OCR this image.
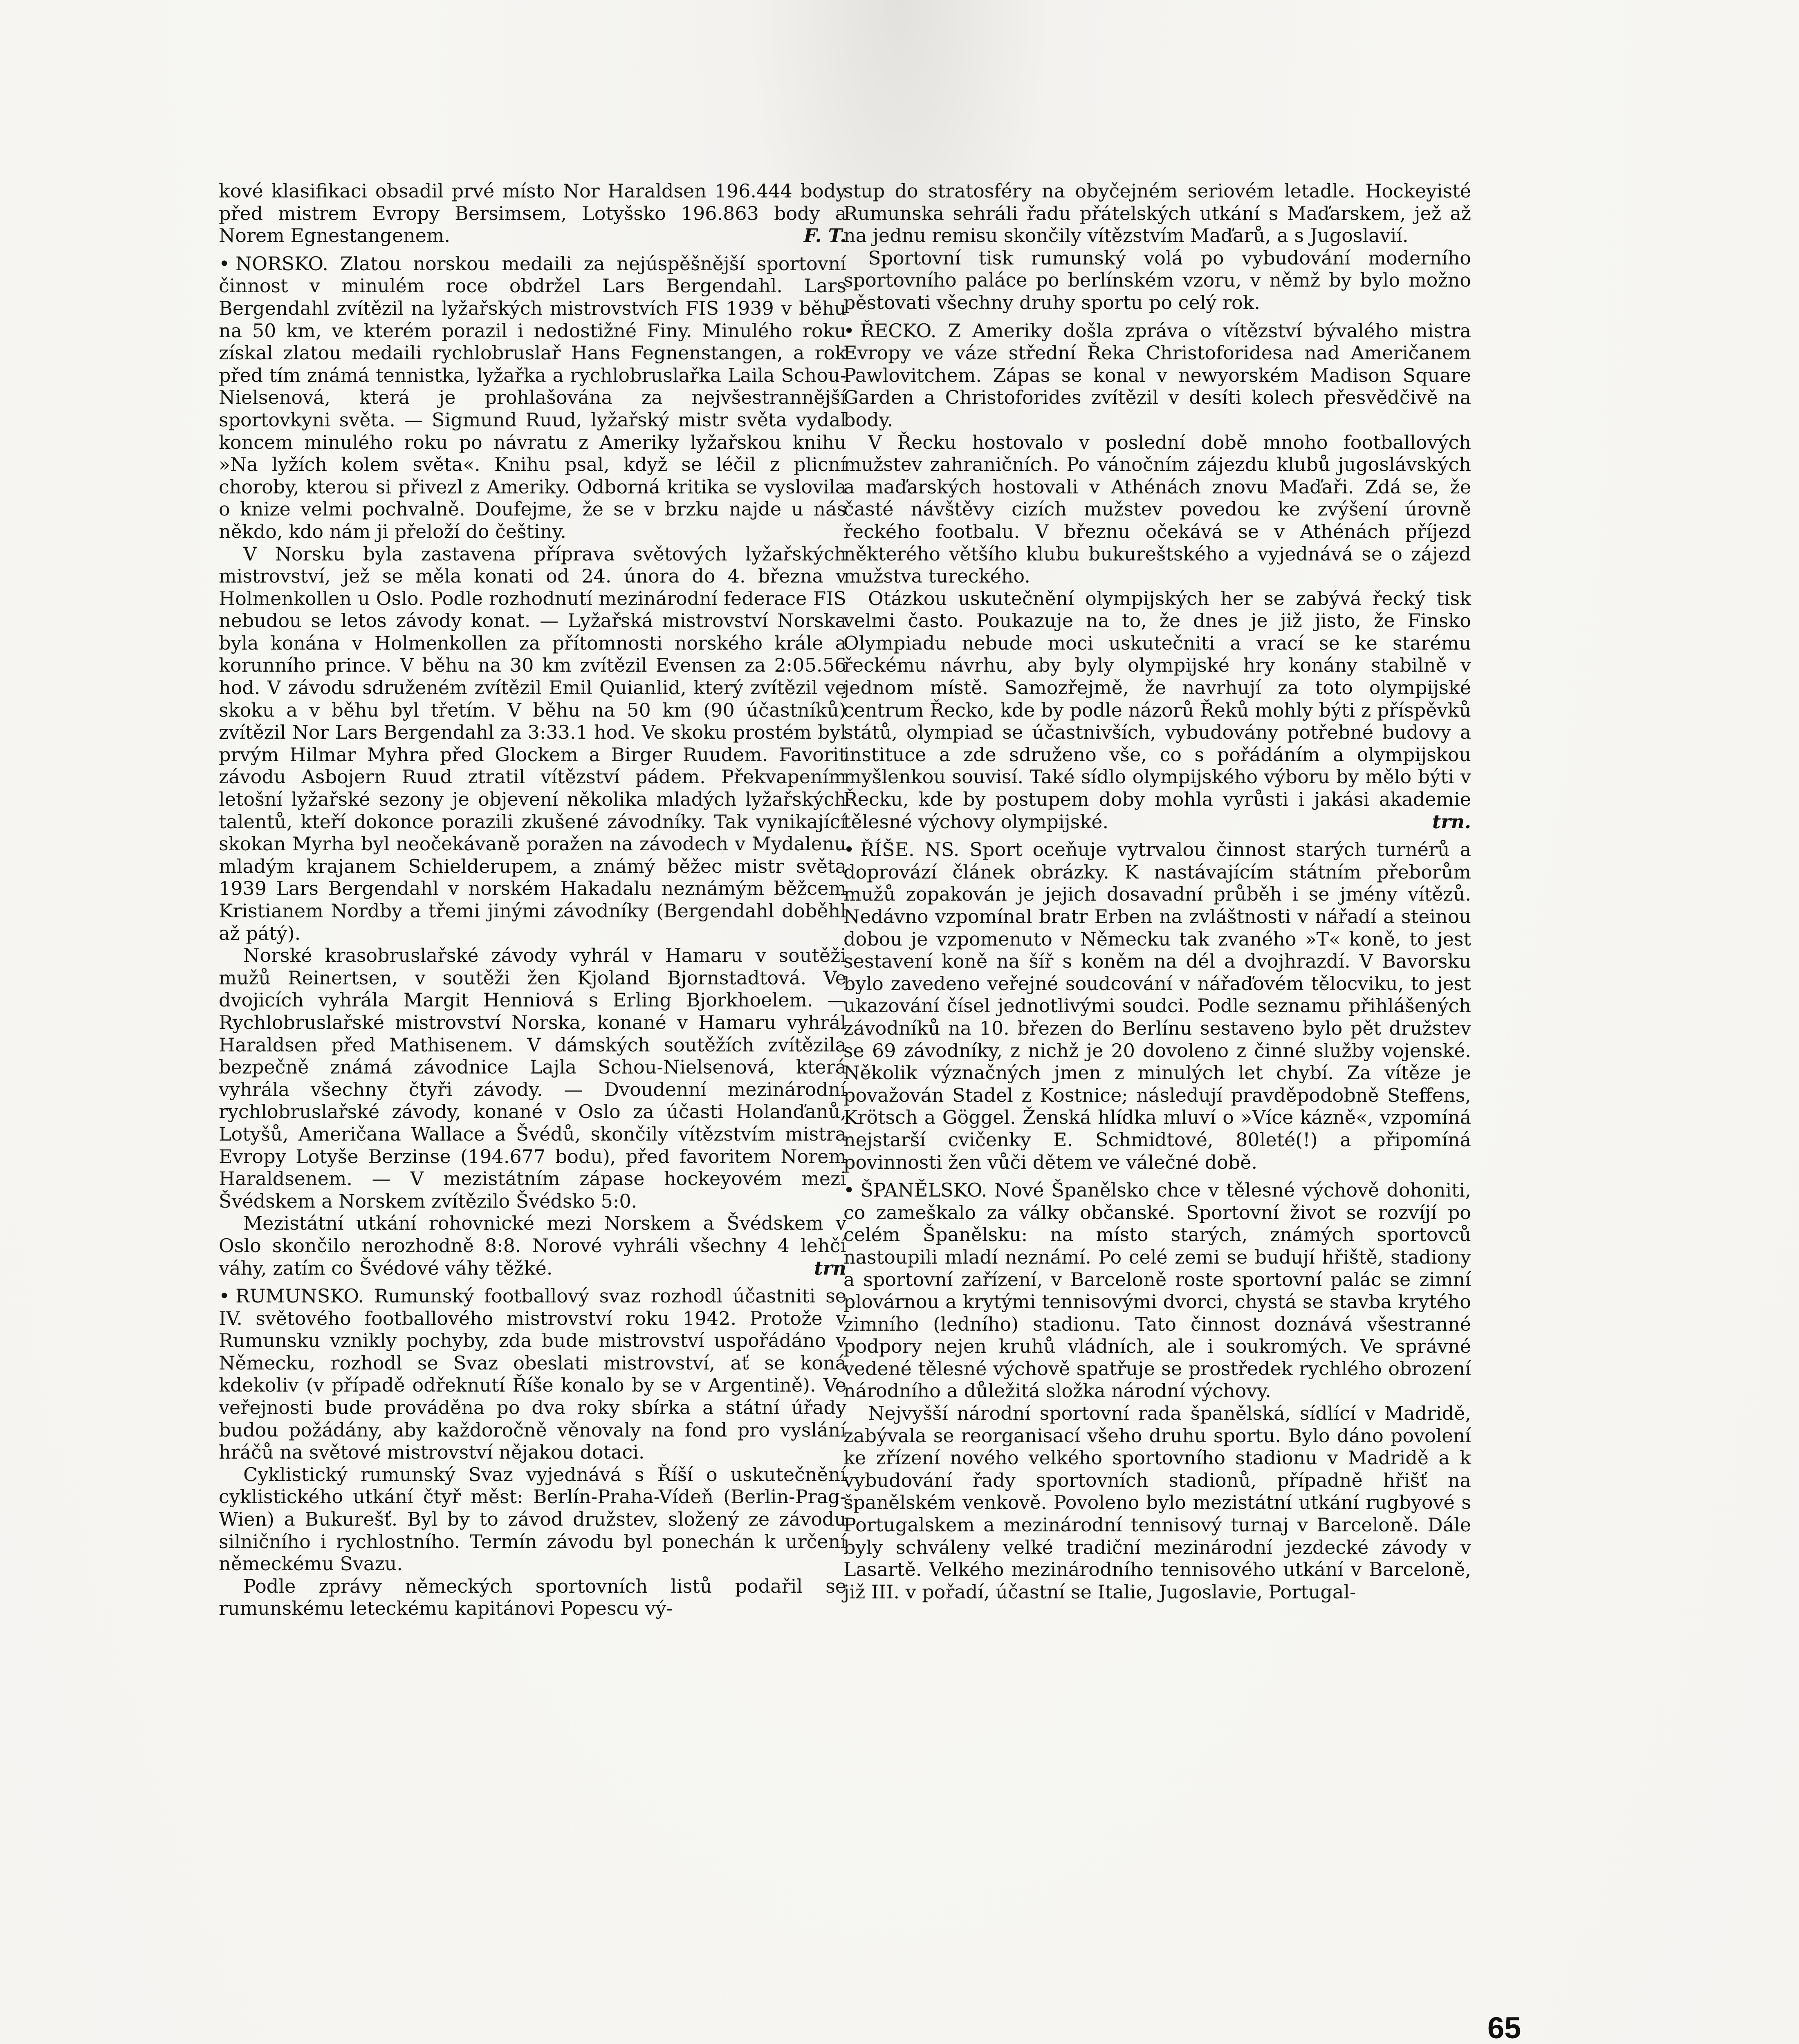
kové klasifikaci obsadil prvé místo Nor Haraldsen 196.444 body před mistrem Evropy Bersimsem, Lotyšsko 196.863 body a Norem Egnestangenem.	F. T.

• NORSKO. Zlatou norskou medaili za nejúspěšnější sportovní činnost v minulém roce obdržel Lars Bergendahl. Lars Bergendahl zvítězil na lyžařských mistrovstvích FIS 1939 v běhu na 50 km, ve kterém porazil i nedostižné Finy. Minulého roku získal zlatou medaili rychlobruslař Hans Fegnenstangen, a rok před tím známá tennistka, lyžařka a rychlobruslařka Laila Schou-Nielsenová, která je prohlašována za nejvšestrannější sportovkyni světa. — Sigmund Ruud, lyžařský mistr světa vydal koncem minulého roku po návratu z Ameriky lyžařskou knihu »Na lyžích kolem světa«. Knihu psal, když se léčil z plicní choroby, kterou si přivezl z Ameriky. Odborná kritika se vyslovila o knize velmi pochvalně. Doufejme, že se v brzku najde u nás někdo, kdo nám ji přeloží do češtiny.

V Norsku byla zastavena příprava světových lyžařských mistrovství, jež se měla konati od 24. února do 4. března v Holmenkollen u Oslo. Podle rozhodnutí mezinárodní federace FIS nebudou se letos závody konat. — Lyžařská mistrovství Norska byla konána v Holmenkollen za přítomnosti norského krále a korunního prince. V běhu na 30 km zvítězil Evensen za 2:05.56 hod. V závodu sdruženém zvítězil Emil Quianlid, který zvítězil ve skoku a v běhu byl třetím. V běhu na 50 km (90 účastníků) zvítězil Nor Lars Bergendahl za 3:33.1 hod. Ve skoku prostém byl prvým Hilmar Myhra před Glockem a Birger Ruudem. Favorit závodu Asbojern Ruud ztratil vítězství pádem. Překvapením letošní lyžařské sezony je objevení několika mladých lyžařských talentů, kteří dokonce porazili zkušené závodníky. Tak vynikající skokan Myrha byl neočekávaně poražen na závodech v Mydalenu mladým krajanem Schielderupem, a známý běžec mistr světa 1939 Lars Bergendahl v norském Hakadalu neznámým běžcem Kristianem Nordby a třemi jinými závodníky (Bergendahl doběhl až pátý).

Norské krasobruslařské závody vyhrál v Hamaru v soutěži mužů Reinertsen, v soutěži žen Kjoland Bjornstadtová. Ve dvojicích vyhrála Margit Henniová s Erling Bjorkhoelem. — Rychlobruslařské mistrovství Norska, konané v Hamaru vyhrál Haraldsen před Mathisenem. V dámských soutěžích zvítězila bezpečně známá závodnice Lajla Schou-Nielsenová, která vyhrála všechny čtyři závody. — Dvoudenní mezinárodní rychlobruslařské závody, konané v Oslo za účasti Holanďanů, Lotyšů, Američana Wallace a Švédů, skončily vítězstvím mistra Evropy Lotyše Berzinse (194.677 bodu), před favoritem Norem Haraldsenem. — V mezistátním zápase hockeyovém mezi Švédskem a Norskem zvítězilo Švédsko 5:0.

Mezistátní utkání rohovnické mezi Norskem a Švédskem v Oslo skončilo nerozhodně 8:8. Norové vyhráli všechny 4 lehčí váhy, zatím co Švédové váhy těžké.	trn

• RUMUNSKO. Rumunský footballový svaz rozhodl účastniti se IV. světového footballového mistrovství roku 1942. Protože v Rumunsku vznikly pochyby, zda bude mistrovství uspořádáno v Německu, rozhodl se Svaz obeslati mistrovství, ať se koná kdekoliv (v případě odřeknutí Říše konalo by se v Argentině). Ve veřejnosti bude prováděna po dva roky sbírka a státní úřady budou požádány, aby každoročně věnovaly na fond pro vyslání hráčů na světové mistrovství nějakou dotaci.

Cyklistický rumunský Svaz vyjednává s Říší o uskutečnění cyklistického utkání čtyř měst: Berlín-Praha-Vídeň (Berlin-Prag-Wien) a Bukurešť. Byl by to závod družstev, složený ze závodu silničního i rychlostního. Termín závodu byl ponechán k určení německému Svazu.

Podle zprávy německých sportovních listů podařil se rumunskému leteckému kapitánovi Popescu vý-

stup do stratosféry na obyčejném seriovém letadle. Hockeyisté Rumunska sehráli řadu přátelských utkání s Maďarskem, jež až na jednu remisu skončily vítězstvím Maďarů, a s Jugoslavií.

Sportovní tisk rumunský volá po vybudování moderního sportovního paláce po berlínském vzoru, v němž by bylo možno pěstovati všechny druhy sportu po celý rok.

• ŘECKO. Z Ameriky došla zpráva o vítězství bývalého mistra Evropy ve váze střední Řeka Christoforidesa nad Američanem Pawlovitchem. Zápas se konal v newyorském Madison Square Garden a Christoforides zvítězil v desíti kolech přesvědčivě na body.

V Řecku hostovalo v poslední době mnoho footballových mužstev zahraničních. Po vánočním zájezdu klubů jugoslávských a maďarských hostovali v Athénách znovu Maďaři. Zdá se, že časté návštěvy cizích mužstev povedou ke zvýšení úrovně řeckého footbalu. V březnu očekává se v Athénách příjezd některého většího klubu bukureštského a vyjednává se o zájezd mužstva tureckého.

Otázkou uskutečnění olympijských her se zabývá řecký tisk velmi často. Poukazuje na to, že dnes je již jisto, že Finsko Olympiadu nebude moci uskutečniti a vrací se ke starému řeckému návrhu, aby byly olympijské hry konány stabilně v jednom místě. Samozřejmě, že navrhují za toto olympijské centrum Řecko, kde by podle názorů Řeků mohly býti z příspěvků států, olympiad se účastnivších, vybudovány potřebné budovy a instituce a zde sdruženo vše, co s pořádáním a olympijskou myšlenkou souvisí. Také sídlo olympijského výboru by mělo býti v Řecku, kde by postupem doby mohla vyrůsti i jakási akademie tělesné výchovy olympijské.	trn.

• ŘÍŠE. NS. Sport oceňuje vytrvalou činnost starých turnérů a doprovází článek obrázky. K nastávajícím státním přeborům mužů zopakován je jejich dosavadní průběh i se jmény vítězů. Nedávno vzpomínal bratr Erben na zvláštnosti v nářadí a steinou dobou je vzpomenuto v Německu tak zvaného »T« koně, to jest sestavení koně na šíř s koněm na dél a dvojhrazdí. V Bavorsku bylo zavedeno veřejné soudcování v nářaďovém tělocviku, to jest ukazování čísel jednotlivými soudci. Podle seznamu přihlášených závodníků na 10. březen do Berlínu sestaveno bylo pět družstev se 69 závodníky, z nichž je 20 dovoleno z činné služby vojenské. Několik význačných jmen z minulých let chybí. Za vítěze je považován Stadel z Kostnice; následují pravděpodobně Steffens, Krötsch a Göggel. Ženská hlídka mluví o »Více kázně«, vzpomíná nejstarší cvičenky E. Schmidtové, 80leté(!) a připomíná povinnosti žen vůči dětem ve válečné době.

• ŠPANĚLSKO. Nové Španělsko chce v tělesné výchově dohoniti, co zameškalo za války občanské. Sportovní život se rozvíjí po celém Španělsku: na místo starých, známých sportovců nastoupili mladí neznámí. Po celé zemi se budují hřiště, stadiony a sportovní zařízení, v Barceloně roste sportovní palác se zimní plovárnou a krytými tennisovými dvorci, chystá se stavba krytého zimního (ledního) stadionu. Tato činnost doznává všestranné podpory nejen kruhů vládních, ale i soukromých. Ve správné vedené tělesné výchově spatřuje se prostředek rychlého obrození národního a důležitá složka národní výchovy.

Nejvyšší národní sportovní rada španělská, sídlící v Madridě, zabývala se reorganisací všeho druhu sportu. Bylo dáno povolení ke zřízení nového velkého sportovního stadionu v Madridě a k vybudování řady sportovních stadionů, případně hřišť na španělském venkově. Povoleno bylo mezistátní utkání rugbyové s Portugalskem a mezinárodní tennisový turnaj v Barceloně. Dále byly schváleny velké tradiční mezinárodní jezdecké závody v Lasartě. Velkého mezinárodního tennisového utkání v Barceloně, již III. v pořadí, účastní se Italie, Jugoslavie, Portugal-

65
